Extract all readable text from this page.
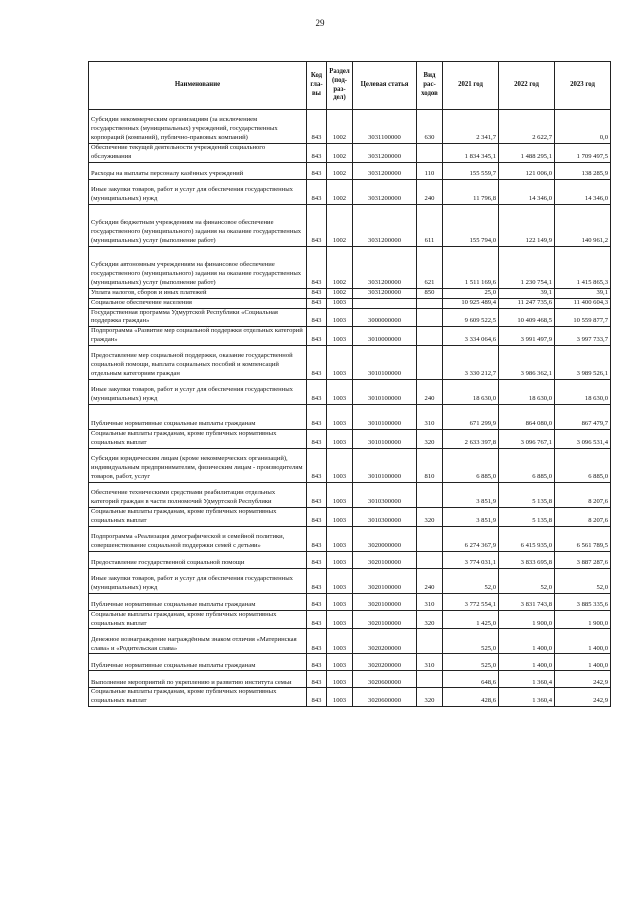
29
Наименование	Код гла-вы	Раздел (под-раз-дел)	Целевая статья	Вид рас-ходов	2021 год	2022 год	2023 год
Субсидии некоммерческим организациям (за исключением государственных (муниципальных) учреждений, государственных корпораций (компаний), публично-правовых компаний)	843	1002	3031100000	630	2 341,7	2 622,7	0,0
Обеспечение текущей деятельности учреждений социального обслуживания	843	1002	3031200000		1 834 345,1	1 488 295,1	1 709 497,5
Расходы на выплаты персоналу казённых учреждений	843	1002	3031200000	110	155 559,7	121 006,0	138 285,9
Иные закупки товаров, работ и услуг для обеспечения государственных (муниципальных) нужд	843	1002	3031200000	240	11 796,8	14 346,0	14 346,0
Субсидии бюджетным учреждениям на финансовое обеспечение государственного (муниципального) задания на оказание государственных (муниципальных) услуг (выполнение работ)	843	1002	3031200000	611	155 794,0	122 149,9	140 961,2
Субсидии автономным учреждениям на финансовое обеспечение государственного (муниципального) задания на оказание государственных (муниципальных) услуг (выполнение работ)	843	1002	3031200000	621	1 511 169,6	1 230 754,1	1 415 865,3
Уплата налогов, сборов и иных платежей	843	1002	3031200000	850	25,0	39,1	39,1
Социальное обеспечение населения	843	1003			10 925 489,4	11 247 735,6	11 400 604,3
Государственная программа Удмуртской Республики «Социальная поддержка граждан»	843	1003	3000000000		9 609 522,5	10 409 468,5	10 559 877,7
Подпрограмма «Развитие мер социальной поддержки отдельных категорий граждан»	843	1003	3010000000		3 334 064,6	3 991 497,9	3 997 733,7
Предоставление мер социальной поддержки, оказание государственной социальной помощи, выплата социальных пособий и компенсаций отдельным категориям граждан	843	1003	3010100000		3 330 212,7	3 986 362,1	3 989 526,1
Иные закупки товаров, работ и услуг для обеспечения государственных (муниципальных) нужд	843	1003	3010100000	240	18 630,0	18 630,0	18 630,0
Публичные нормативные социальные выплаты гражданам	843	1003	3010100000	310	671 299,9	864 080,0	867 479,7
Социальные выплаты гражданам, кроме публичных нормативных социальных выплат	843	1003	3010100000	320	2 633 397,8	3 096 767,1	3 096 531,4
Субсидии юридическим лицам (кроме некоммерческих организаций), индивидуальным предпринимателям, физическим лицам - производителям товаров, работ, услуг	843	1003	3010100000	810	6 885,0	6 885,0	6 885,0
Обеспечение техническими средствами реабилитации отдельных категорий граждан в части полномочий Удмуртской Республики	843	1003	3010300000		3 851,9	5 135,8	8 207,6
Социальные выплаты гражданам, кроме публичных нормативных социальных выплат	843	1003	3010300000	320	3 851,9	5 135,8	8 207,6
Подпрограмма «Реализация демографической и семейной политики, совершенствование социальной поддержки семей с детьми»	843	1003	3020000000		6 274 367,9	6 415 935,0	6 561 789,5
Предоставление государственной социальной помощи	843	1003	3020100000		3 774 031,1	3 833 695,8	3 887 287,6
Иные закупки товаров, работ и услуг для обеспечения государственных (муниципальных) нужд	843	1003	3020100000	240	52,0	52,0	52,0
Публичные нормативные социальные выплаты гражданам	843	1003	3020100000	310	3 772 554,1	3 831 743,8	3 885 335,6
Социальные выплаты гражданам, кроме публичных нормативных социальных выплат	843	1003	3020100000	320	1 425,0	1 900,0	1 900,0
Денежное вознаграждение награждённым знаком отличия «Материнская слава» и «Родительская слава»	843	1003	3020200000		525,0	1 400,0	1 400,0
Публичные нормативные социальные выплаты гражданам	843	1003	3020200000	310	525,0	1 400,0	1 400,0
Выполнение мероприятий по укреплению и развитию института семьи	843	1003	3020600000		648,6	1 360,4	242,9
Социальные выплаты гражданам, кроме публичных нормативных социальных выплат	843	1003	3020600000	320	428,6	1 360,4	242,9
